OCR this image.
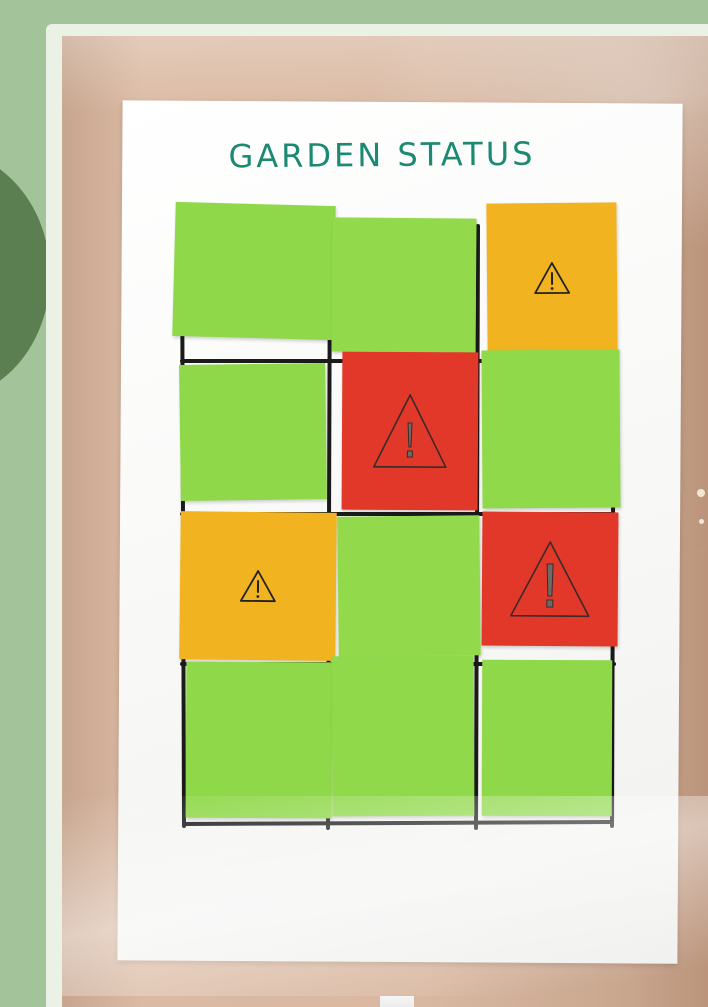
GARDEN STATUS
